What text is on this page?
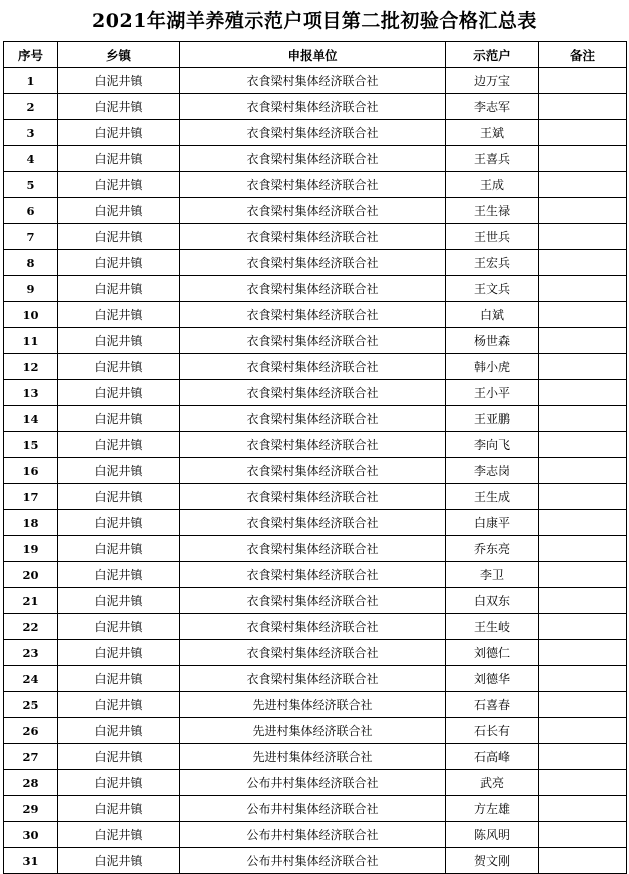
2021年湖羊养殖示范户项目第二批初验合格汇总表
序号	乡镇	申报单位	示范户	备注
1	白泥井镇	衣食梁村集体经济联合社	边万宝	
2	白泥井镇	衣食梁村集体经济联合社	李志军	
3	白泥井镇	衣食梁村集体经济联合社	王斌	
4	白泥井镇	衣食梁村集体经济联合社	王喜兵	
5	白泥井镇	衣食梁村集体经济联合社	王成	
6	白泥井镇	衣食梁村集体经济联合社	王生禄	
7	白泥井镇	衣食梁村集体经济联合社	王世兵	
8	白泥井镇	衣食梁村集体经济联合社	王宏兵	
9	白泥井镇	衣食梁村集体经济联合社	王文兵	
10	白泥井镇	衣食梁村集体经济联合社	白斌	
11	白泥井镇	衣食梁村集体经济联合社	杨世森	
12	白泥井镇	衣食梁村集体经济联合社	韩小虎	
13	白泥井镇	衣食梁村集体经济联合社	王小平	
14	白泥井镇	衣食梁村集体经济联合社	王亚鹏	
15	白泥井镇	衣食梁村集体经济联合社	李向飞	
16	白泥井镇	衣食梁村集体经济联合社	李志岗	
17	白泥井镇	衣食梁村集体经济联合社	王生成	
18	白泥井镇	衣食梁村集体经济联合社	白康平	
19	白泥井镇	衣食梁村集体经济联合社	乔东亮	
20	白泥井镇	衣食梁村集体经济联合社	李卫	
21	白泥井镇	衣食梁村集体经济联合社	白双东	
22	白泥井镇	衣食梁村集体经济联合社	王生岐	
23	白泥井镇	衣食梁村集体经济联合社	刘德仁	
24	白泥井镇	衣食梁村集体经济联合社	刘德华	
25	白泥井镇	先进村集体经济联合社	石喜春	
26	白泥井镇	先进村集体经济联合社	石长有	
27	白泥井镇	先进村集体经济联合社	石高峰	
28	白泥井镇	公布井村集体经济联合社	武亮	
29	白泥井镇	公布井村集体经济联合社	方左雄	
30	白泥井镇	公布井村集体经济联合社	陈风明	
31	白泥井镇	公布井村集体经济联合社	贺文刚	
